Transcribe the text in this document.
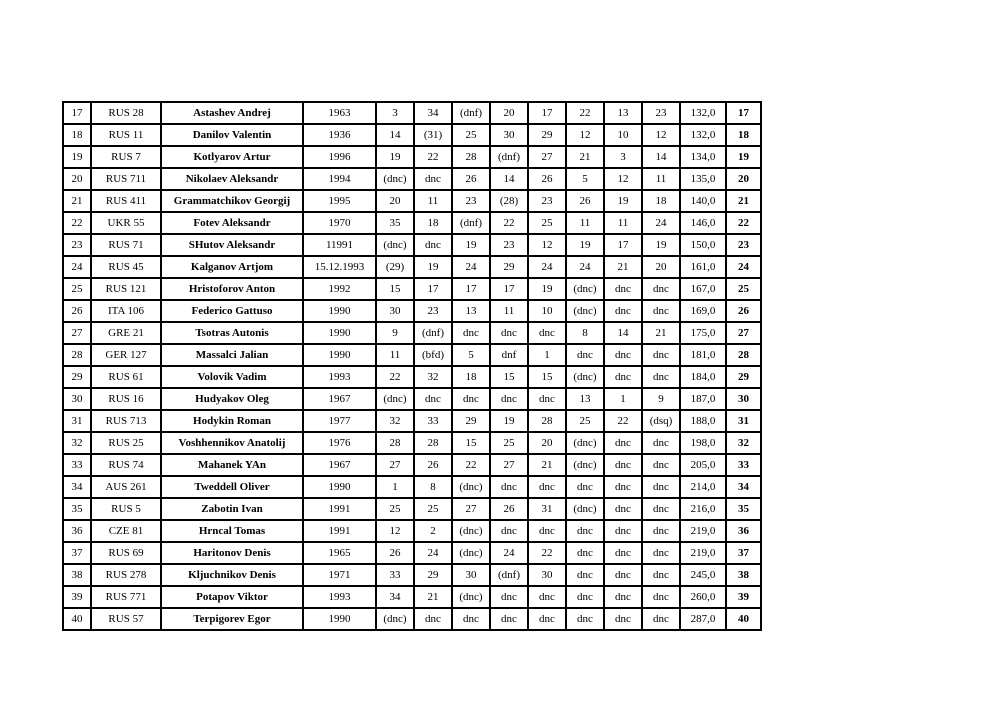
17	RUS 28	Astashev Andrej	1963	3	34	(dnf)	20	17	22	13	23	132,0	17
18	RUS 11	Danilov Valentin	1936	14	(31)	25	30	29	12	10	12	132,0	18
19	RUS 7	Kotlyarov Artur	1996	19	22	28	(dnf)	27	21	3	14	134,0	19
20	RUS 711	Nikolaev Aleksandr	1994	(dnc)	dnc	26	14	26	5	12	11	135,0	20
21	RUS 411	Grammatchikov Georgij	1995	20	11	23	(28)	23	26	19	18	140,0	21
22	UKR 55	Fotev Aleksandr	1970	35	18	(dnf)	22	25	11	11	24	146,0	22
23	RUS 71	SHutov Aleksandr	11991	(dnc)	dnc	19	23	12	19	17	19	150,0	23
24	RUS 45	Kalganov Artjom	15.12.1993	(29)	19	24	29	24	24	21	20	161,0	24
25	RUS 121	Hristoforov Anton	1992	15	17	17	17	19	(dnc)	dnc	dnc	167,0	25
26	ITA 106	Federico Gattuso	1990	30	23	13	11	10	(dnc)	dnc	dnc	169,0	26
27	GRE 21	Tsotras Autonis	1990	9	(dnf)	dnc	dnc	dnc	8	14	21	175,0	27
28	GER 127	Massalci Jalian	1990	11	(bfd)	5	dnf	1	dnc	dnc	dnc	181,0	28
29	RUS 61	Volovik Vadim	1993	22	32	18	15	15	(dnc)	dnc	dnc	184,0	29
30	RUS 16	Hudyakov Oleg	1967	(dnc)	dnc	dnc	dnc	dnc	13	1	9	187,0	30
31	RUS 713	Hodykin Roman	1977	32	33	29	19	28	25	22	(dsq)	188,0	31
32	RUS 25	Voshhennikov Anatolij	1976	28	28	15	25	20	(dnc)	dnc	dnc	198,0	32
33	RUS 74	Mahanek YAn	1967	27	26	22	27	21	(dnc)	dnc	dnc	205,0	33
34	AUS 261	Tweddell Oliver	1990	1	8	(dnc)	dnc	dnc	dnc	dnc	dnc	214,0	34
35	RUS 5	Zabotin Ivan	1991	25	25	27	26	31	(dnc)	dnc	dnc	216,0	35
36	CZE 81	Hrncal Tomas	1991	12	2	(dnc)	dnc	dnc	dnc	dnc	dnc	219,0	36
37	RUS 69	Haritonov Denis	1965	26	24	(dnc)	24	22	dnc	dnc	dnc	219,0	37
38	RUS 278	Kljuchnikov Denis	1971	33	29	30	(dnf)	30	dnc	dnc	dnc	245,0	38
39	RUS 771	Potapov Viktor	1993	34	21	(dnc)	dnc	dnc	dnc	dnc	dnc	260,0	39
40	RUS 57	Terpigorev Egor	1990	(dnc)	dnc	dnc	dnc	dnc	dnc	dnc	dnc	287,0	40
